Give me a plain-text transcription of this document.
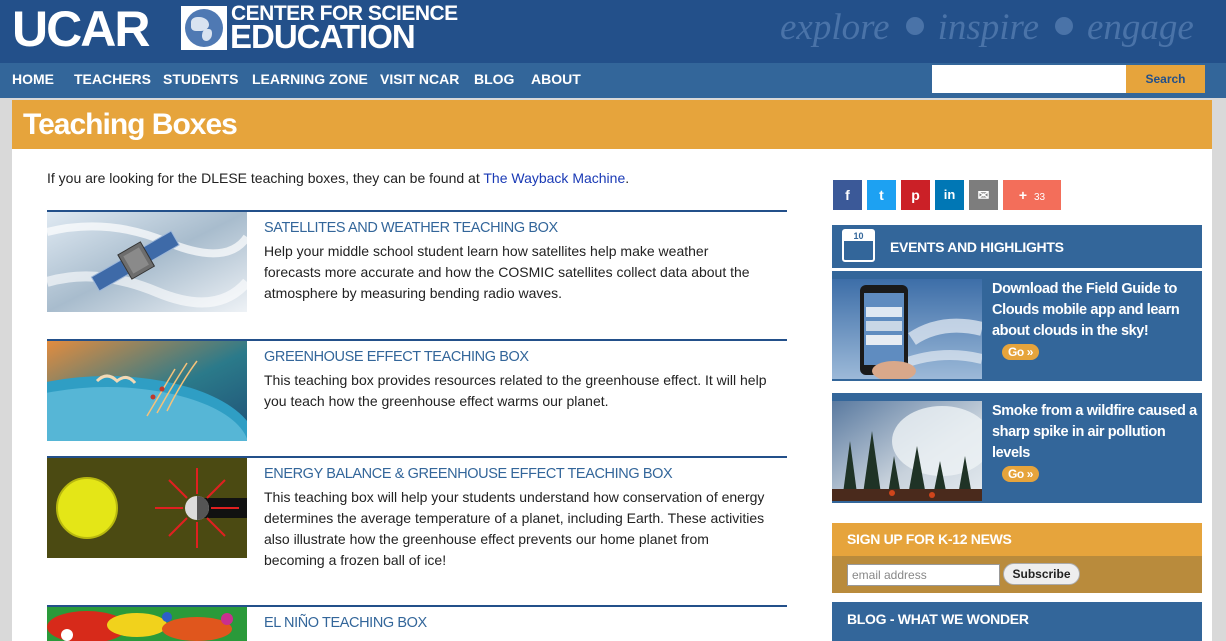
UCAR	CENTER FOR SCIENCE
EDUCATION	explore inspire engage
HOME TEACHERS STUDENTS LEARNING ZONE VISIT NCAR BLOG ABOUT	Search
Teaching Boxes
If you are looking for the DLESE teaching boxes, they can be found at The Wayback Machine.
SATELLITES AND WEATHER TEACHING BOX
Help your middle school student learn how satellites help make weather forecasts more accurate and how the COSMIC satellites collect data about the atmosphere by measuring bending radio waves.
GREENHOUSE EFFECT TEACHING BOX
This teaching box provides resources related to the greenhouse effect. It will help you teach how the greenhouse effect warms our planet.
ENERGY BALANCE & GREENHOUSE EFFECT TEACHING BOX
This teaching box will help your students understand how conservation of energy determines the average temperature of a planet, including Earth. These activities also illustrate how the greenhouse effect prevents our home planet from becoming a frozen ball of ice!
EL NIÑO TEACHING BOX
f	t	p	in	✉	+ 33
10
EVENTS AND HIGHLIGHTS
Download the Field Guide to Clouds mobile app and learn about clouds in the sky!
Go »
Smoke from a wildfire caused a sharp spike in air pollution levels
Go »
SIGN UP FOR K-12 NEWS
email address	Subscribe
BLOG - WHAT WE WONDER
